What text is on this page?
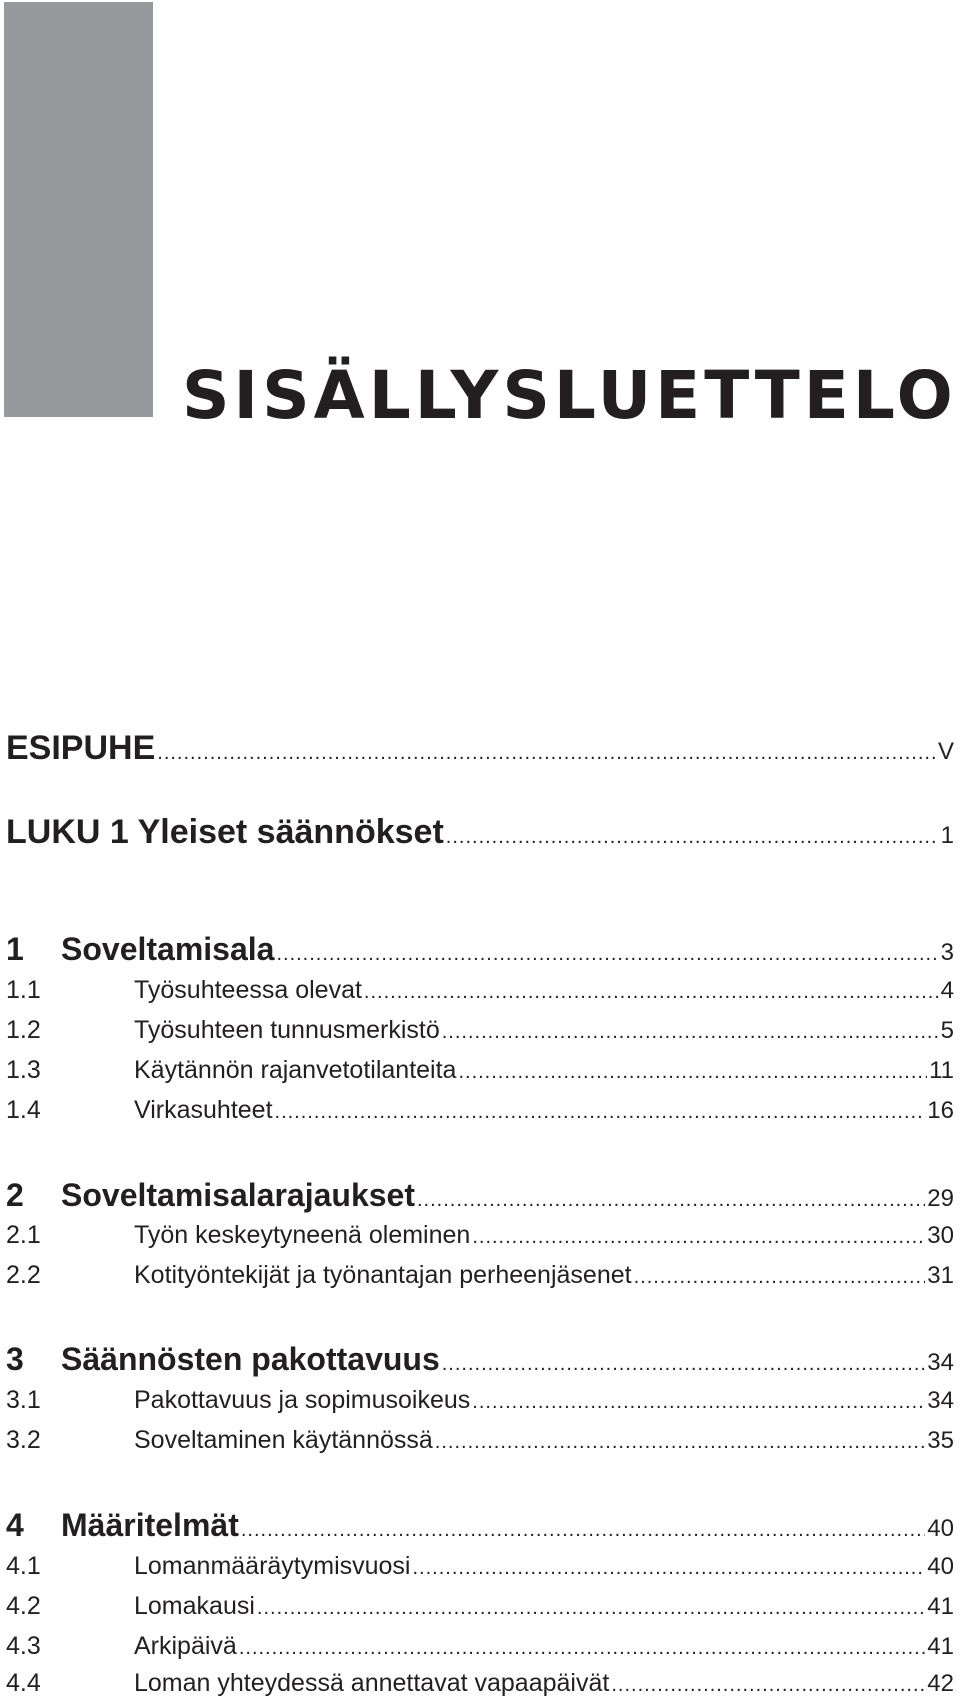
SISÄLLYSLUETTELO
ESIPUHE .....	V
LUKU 1 Yleiset säännökset .....	1
1	Soveltamisala .....	3
1.1	Työsuhteessa olevat .....	4
1.2	Työsuhteen tunnusmerkistö .....	5
1.3	Käytännön rajanvetotilanteita .....	11
1.4	Virkasuhteet .....	16
2	Soveltamisalarajaukset .....	29
2.1	Työn keskeytyneenä oleminen .....	30
2.2	Kotityöntekijät ja työnantajan perheenjäsenet .....	31
3	Säännösten pakottavuus .....	34
3.1	Pakottavuus ja sopimusoikeus .....	34
3.2	Soveltaminen käytännössä .....	35
4	Määritelmät .....	40
4.1	Lomanmääräytymisvuosi .....	40
4.2	Lomakausi .....	41
4.3	Arkipäivä .....	41
4.4	Loman yhteydessä annettavat vapaapäivät .....	42
